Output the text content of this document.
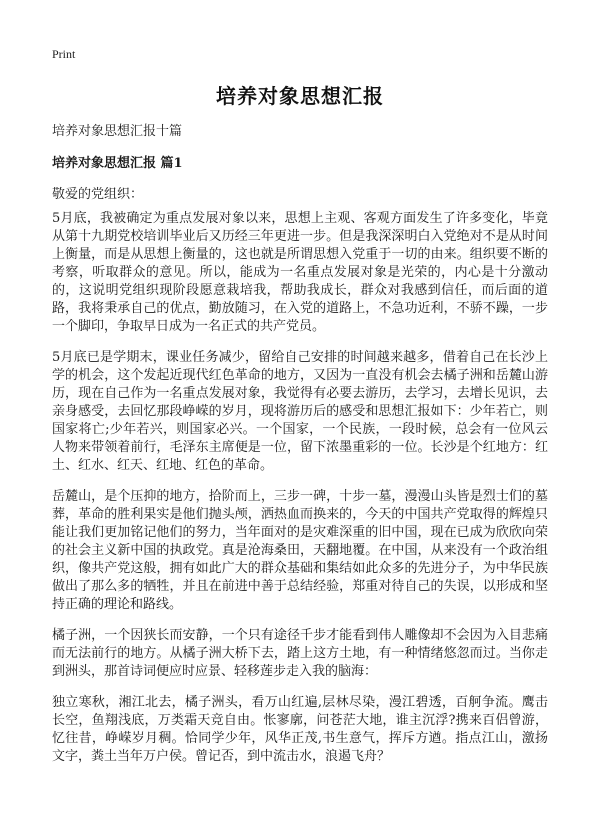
Print
培养对象思想汇报
培养对象思想汇报十篇
培养对象思想汇报 篇1
敬爱的党组织：

5月底，我被确定为重点发展对象以来，思想上主观、客观方面发生了许多变化，毕竟从第十九期党校培训毕业后又历经三年更进一步。但是我深深明白入党绝对不是从时间上衡量，而是从思想上衡量的，这也就是所谓思想入党重于一切的由来。组织要不断的考察，听取群众的意见。所以，能成为一名重点发展对象是光荣的，内心是十分激动的，这说明党组织现阶段愿意栽培我，帮助我成长，群众对我感到信任，而后面的道路，我将秉承自己的优点，勤放随习，在入党的道路上，不急功近利，不骄不躁，一步一个脚印，争取早日成为一名正式的共产党员。

5月底已是学期末，课业任务减少，留给自己安排的时间越来越多，借着自己在长沙上学的机会，这个发起近现代红色革命的地方，又因为一直没有机会去橘子洲和岳麓山游历，现在自己作为一名重点发展对象，我觉得有必要去游历，去学习，去增长见识，去亲身感受，去回忆那段峥嵘的岁月，现将游历后的感受和思想汇报如下：少年若亡，则国家将亡;少年若兴，则国家必兴。一个国家，一个民族，一段时候，总会有一位风云人物来带领着前行，毛泽东主席便是一位，留下浓墨重彩的一位。长沙是个红地方：红土、红水、红天、红地、红色的革命。

岳麓山，是个压抑的地方，拾阶而上，三步一碑，十步一墓，漫漫山头皆是烈士们的墓葬，革命的胜利果实是他们抛头颅，洒热血而换来的，今天的中国共产党取得的辉煌只能让我们更加铭记他们的努力，当年面对的是灾难深重的旧中国，现在已成为欣欣向荣的社会主义新中国的执政党。真是沧海桑田，天翻地覆。在中国，从来没有一个政治组织，像共产党这般，拥有如此广大的群众基础和集结如此众多的先进分子，为中华民族做出了那么多的牺牲，并且在前进中善于总结经验，郑重对待自己的失误，以形成和坚持正确的理论和路线。

橘子洲，一个因狭长而安静，一个只有途径千步才能看到伟人雕像却不会因为入目悲痛而无法前行的地方。从橘子洲大桥下去，踏上这方土地，有一种情绪悠忽而过。当你走到洲头，那首诗词便应时应景、轻移莲步走入我的脑海：

独立寒秋，湘江北去，橘子洲头，看万山红遍,层林尽染，漫江碧透，百舸争流。鹰击长空，鱼翔浅底，万类霜天竞自由。怅寥廓，问苍茫大地，谁主沉浮?携来百侣曾游，忆往昔，峥嵘岁月稠。恰同学少年，风华正茂,书生意气，挥斥方遒。指点江山，激扬文字，粪土当年万户侯。曾记否，到中流击水，浪遏飞舟？
